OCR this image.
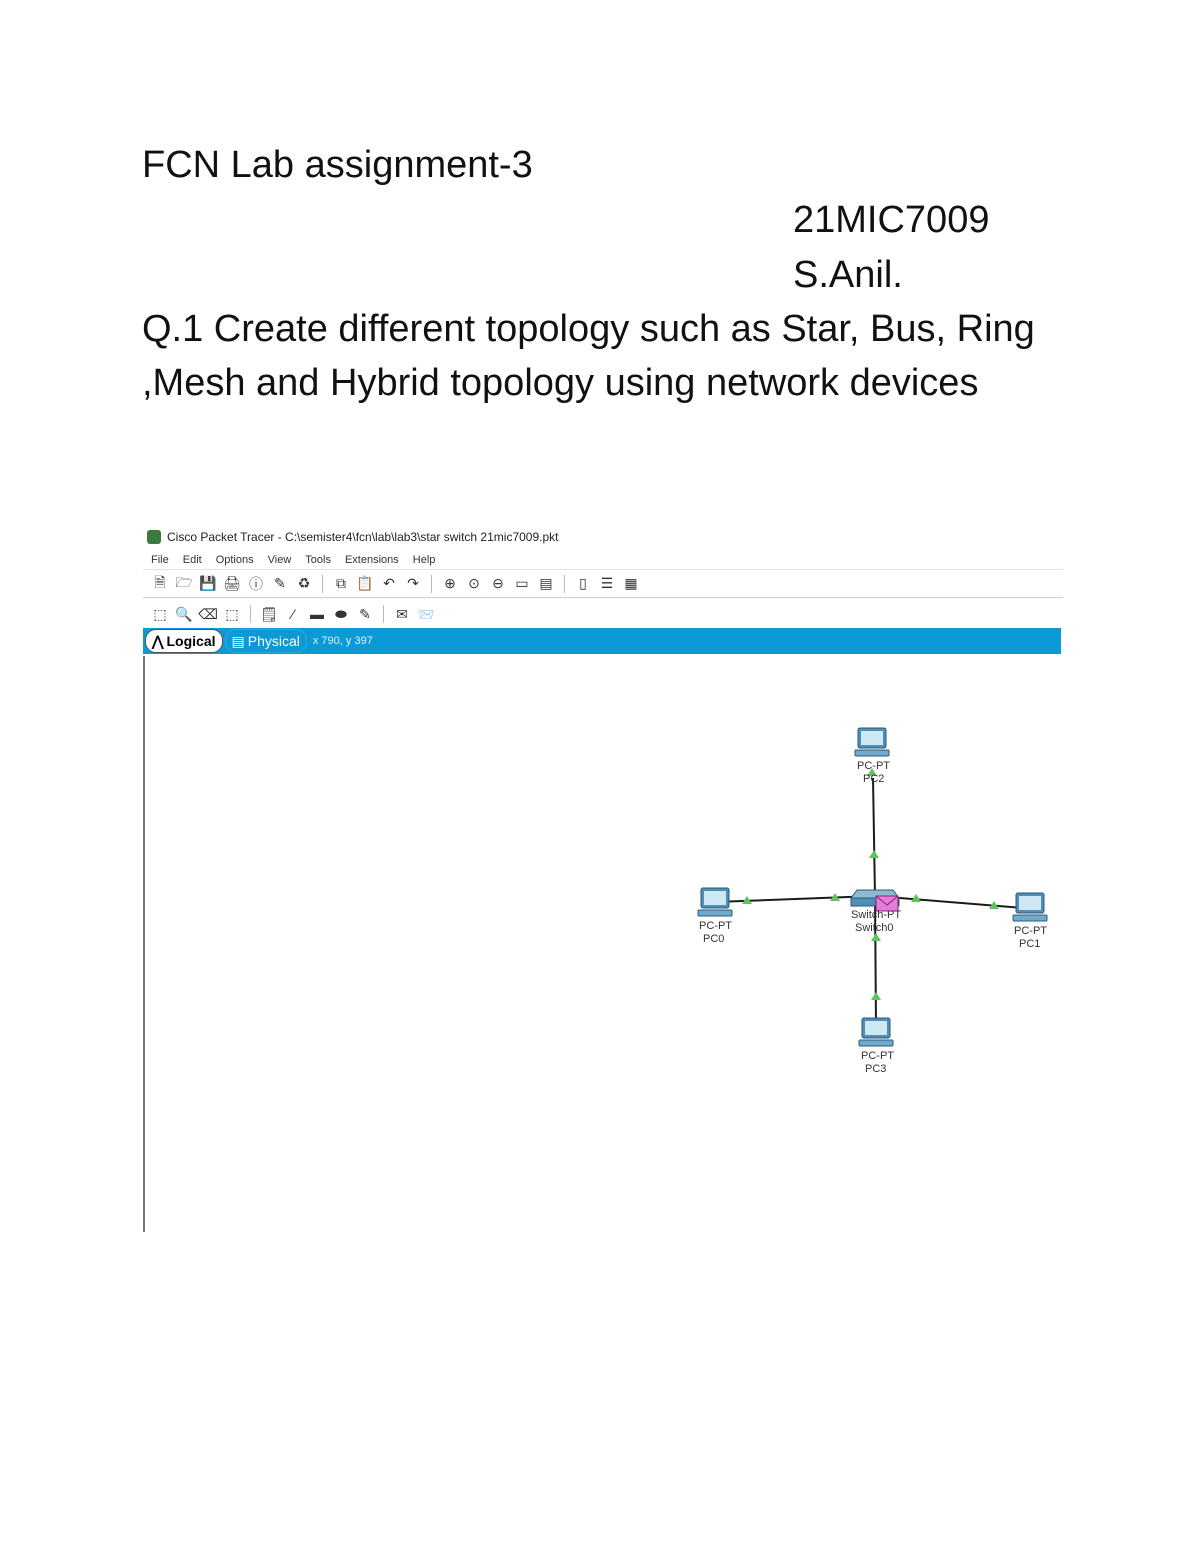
FCN Lab assignment-3
21MIC7009
S.Anil.
Q.1 Create different topology such as Star, Bus, Ring ,Mesh and Hybrid topology using network devices
Cisco Packet Tracer - C:\semister4\fcn\lab\lab3\star switch 21mic7009.pkt
File Edit Options View Tools Extensions Help
🗎 🗁 💾 🖨 ⓘ ✎ ♻ ⧉ 📋 ↶ ↷ ⊕ ⊙ ⊖ ▭ ▤	▯ ☰ ▦
⬚ 🔍 ⌫ ⬚ 🗒 ∕	▬ ⬬ ✎ ✉ 📨
⋀ Logical ▤ Physical x 790, y 397
PC-PT
PC2
PC-PT
PC0
PC-PT
PC1
PC-PT
PC3
Switch-PT
Switch0
